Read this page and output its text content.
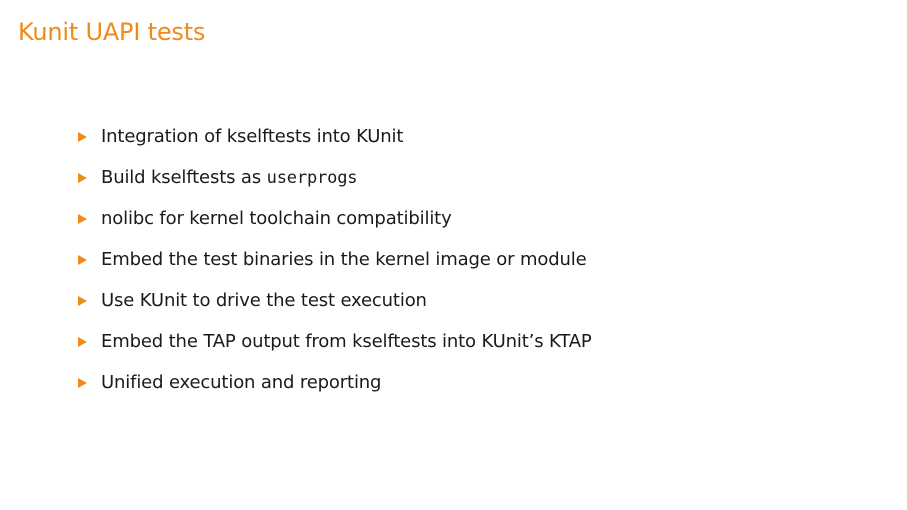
Kunit UAPI tests
Integration of kselftests into KUnit
Build kselftests as userprogs
nolibc for kernel toolchain compatibility
Embed the test binaries in the kernel image or module
Use KUnit to drive the test execution
Embed the TAP output from kselftests into KUnit’s KTAP
Unified execution and reporting
